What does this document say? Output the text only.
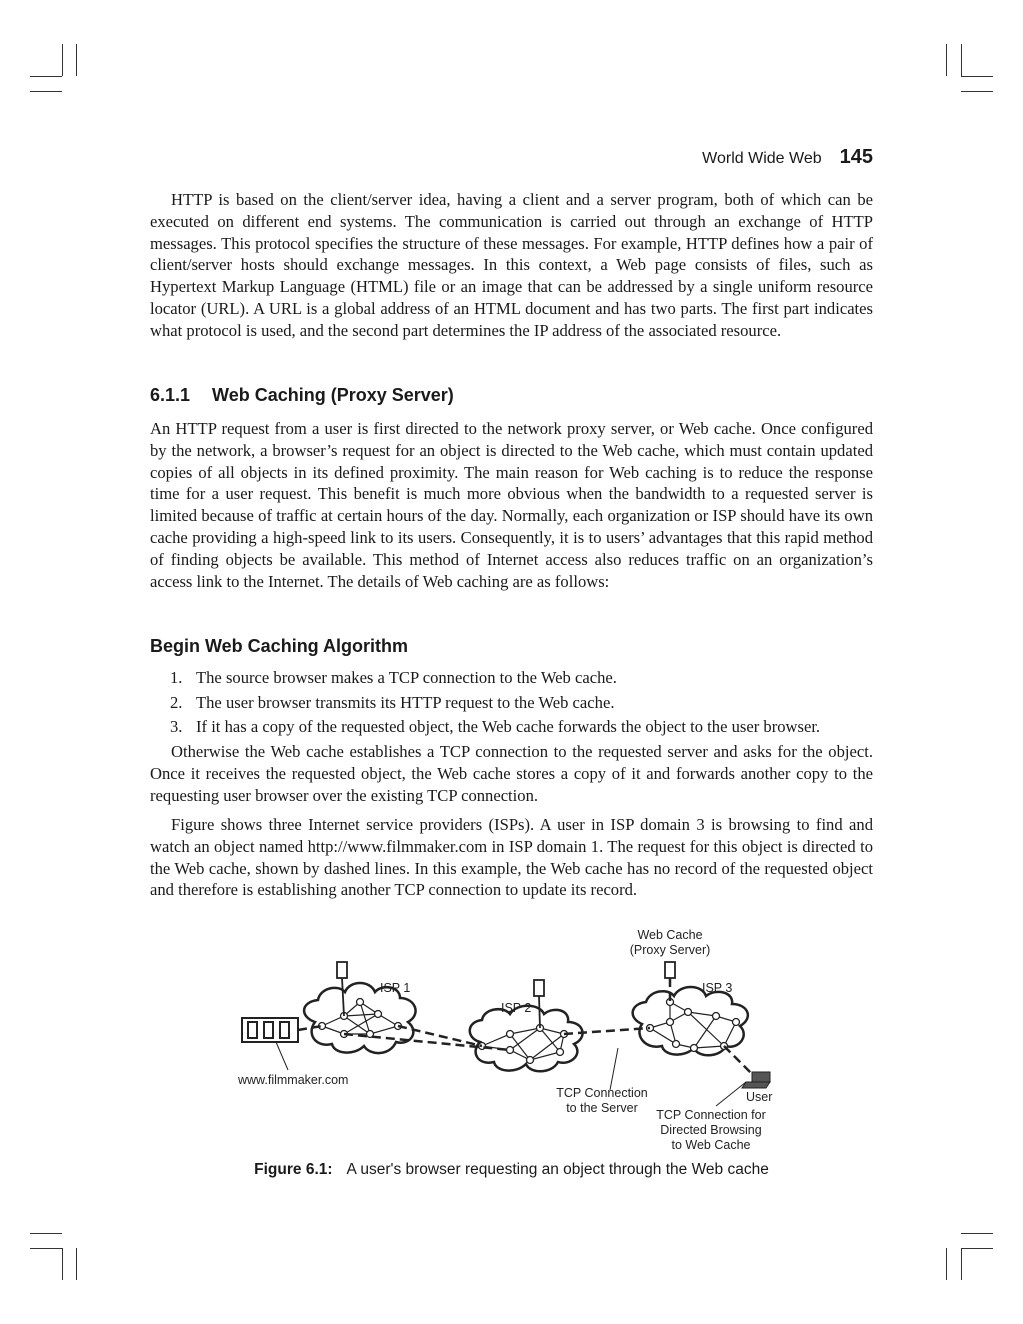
World Wide Web 145

HTTP is based on the client/server idea, having a client and a server program, both of which can be executed on different end systems. The communication is carried out through an exchange of HTTP messages. This protocol specifies the structure of these messages. For example, HTTP defines how a pair of client/server hosts should exchange messages. In this context, a Web page consists of files, such as Hypertext Markup Language (HTML) file or an image that can be addressed by a single uniform resource locator (URL). A URL is a global address of an HTML document and has two parts. The first part indicates what protocol is used, and the second part determines the IP address of the associated resource.

6.1.1 Web Caching (Proxy Server)

An HTTP request from a user is first directed to the network proxy server, or Web cache. Once configured by the network, a browser’s request for an object is directed to the Web cache, which must contain updated copies of all objects in its defined proximity. The main reason for Web caching is to reduce the response time for a user request. This benefit is much more obvious when the bandwidth to a requested server is limited because of traffic at certain hours of the day. Normally, each organization or ISP should have its own cache providing a high-speed link to its users. Consequently, it is to users’ advantages that this rapid method of finding objects be available. This method of Internet access also reduces traffic on an organization’s access link to the Internet. The details of Web caching are as follows:

Begin Web Caching Algorithm
1. The source browser makes a TCP connection to the Web cache.
2. The user browser transmits its HTTP request to the Web cache.
3. If it has a copy of the requested object, the Web cache forwards the object to the user browser.

Otherwise the Web cache establishes a TCP connection to the requested server and asks for the object. Once it receives the requested object, the Web cache stores a copy of it and forwards another copy to the requesting user browser over the existing TCP connection.

Figure shows three Internet service providers (ISPs). A user in ISP domain 3 is browsing to find and watch an object named http://www.filmmaker.com in ISP domain 1. The request for this object is directed to the Web cache, shown by dashed lines. In this example, the Web cache has no record of the requested object and therefore is establishing another TCP connection to update its record.

Web Cache
(Proxy Server)
ISP 1
ISP 2
ISP 3
www.filmmaker.com
TCP Connection
to the Server
User
TCP Connection for
Directed Browsing
to Web Cache
Figure 6.1: A user's browser requesting an object through the Web cache
